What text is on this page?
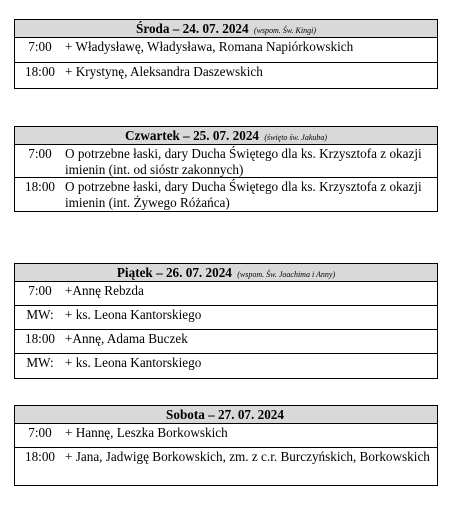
Środa – 24. 07. 2024 (wspom. Św. Kingi)
7:00	+ Władysławę, Władysława, Romana Napiórkowskich
18:00 + Krystynę, Aleksandra Daszewskich
Czwartek – 25. 07. 2024 (święto św. Jakuba)
7:00	O potrzebne łaski, dary Ducha Świętego dla ks. Krzysztofa z okazji imienin (int. od sióstr zakonnych)
18:00 O potrzebne łaski, dary Ducha Świętego dla ks. Krzysztofa z okazji imienin (int. Żywego Różańca)
Piątek – 26. 07. 2024 (wspom. Św. Joachima i Anny)
7:00	+Annę Rebzda
MW: + ks. Leona Kantorskiego
18:00 +Annę, Adama Buczek
MW: + ks. Leona Kantorskiego
Sobota – 27. 07. 2024
7:00	+ Hannę, Leszka Borkowskich
18:00 + Jana, Jadwigę Borkowskich, zm. z c.r. Burczyńskich, Borkowskich
